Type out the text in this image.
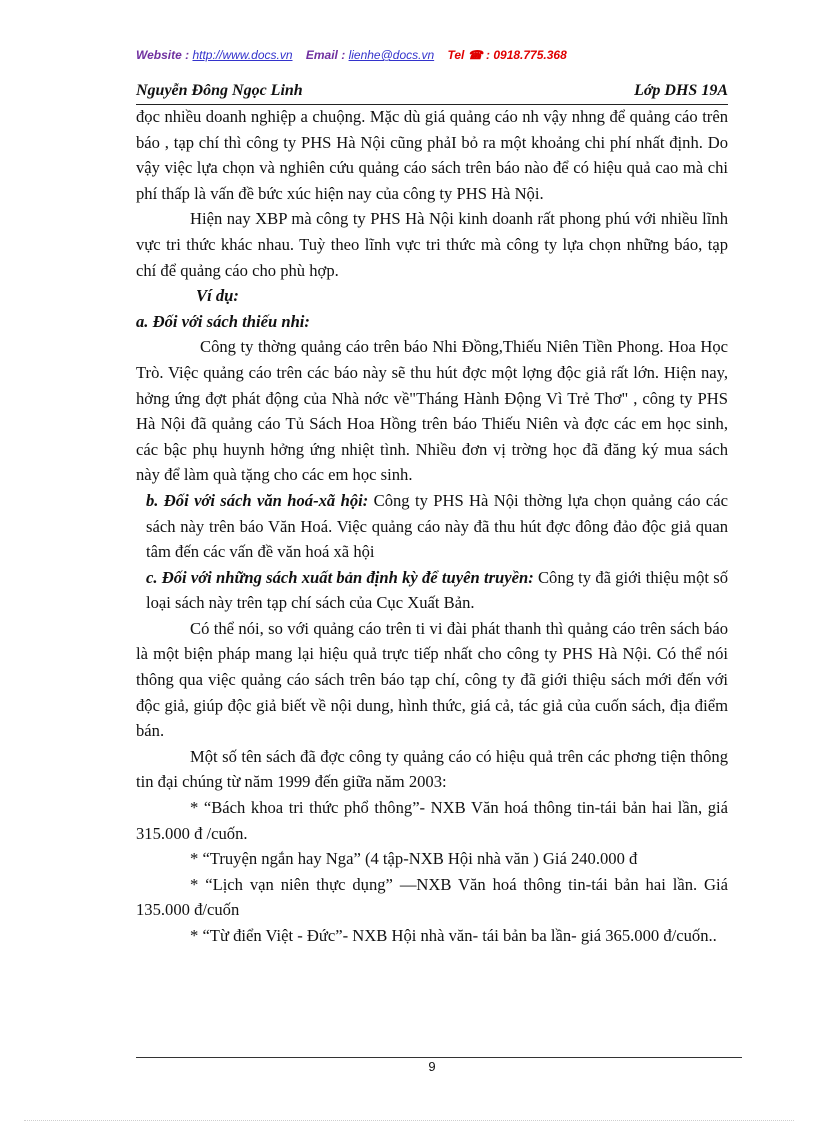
Website : http://www.docs.vn Email : lienhe@docs.vn Tel ☎ : 0918.775.368
Nguyễn Đông Ngọc Linh	Lớp DHS 19A

đọc nhiều doanh nghiệp a chuộng. Mặc dù giá quảng cáo nh vậy nhng để quảng cáo trên báo , tạp chí thì công ty PHS Hà Nội cũng phảI bỏ ra một khoảng chi phí nhất định. Do vậy việc lựa chọn và nghiên cứu quảng cáo sách trên báo nào để có hiệu quả cao mà chi phí thấp là vấn đề bức xúc hiện nay của công ty PHS Hà Nội.

Hiện nay XBP mà công ty PHS Hà Nội kinh doanh rất phong phú với nhiều lĩnh vực tri thức khác nhau. Tuỳ theo lĩnh vực tri thức mà công ty lựa chọn những báo, tạp chí để quảng cáo cho phù hợp.

Ví dụ:

a. Đối với sách thiếu nhi:

Công ty thờng quảng cáo trên báo Nhi Đồng,Thiếu Niên Tiền Phong. Hoa Học Trò. Việc quảng cáo trên các báo này sẽ thu hút đợc một lợng độc giả rất lớn. Hiện nay, hởng ứng đợt phát động của Nhà nớc về"Tháng Hành Động Vì Trẻ Thơ" , công ty PHS Hà Nội đã quảng cáo Tủ Sách Hoa Hồng trên báo Thiếu Niên và đợc các em học sinh, các bậc phụ huynh hởng ứng nhiệt tình. Nhiều đơn vị trờng học đã đăng ký mua sách này để làm quà tặng cho các em học sinh.

b. Đối với sách văn hoá-xã hội: Công ty PHS Hà Nội thờng lựa chọn quảng cáo các sách này trên báo Văn Hoá. Việc quảng cáo này đã thu hút đợc đông đảo độc giả quan tâm đến các vấn đề văn hoá xã hội

c. Đối với những sách xuất bản định kỳ để tuyên truyền: Công ty đã giới thiệu một số loại sách này trên tạp chí sách của Cục Xuất Bản.

Có thể nói, so với quảng cáo trên ti vi đài phát thanh thì quảng cáo trên sách báo là một biện pháp mang lại hiệu quả trực tiếp nhất cho công ty PHS Hà Nội. Có thể nói thông qua việc quảng cáo sách trên báo tạp chí, công ty đã giới thiệu sách mới đến với độc giả, giúp độc giả biết về nội dung, hình thức, giá cả, tác giả của cuốn sách, địa điểm bán.

Một số tên sách đã đợc công ty quảng cáo có hiệu quả trên các phơng tiện thông tin đại chúng từ năm 1999 đến giữa năm 2003:

* “Bách khoa tri thức phổ thông”- NXB Văn hoá thông tin-tái bản hai lần, giá 315.000 đ /cuốn.

* “Truyện ngắn hay Nga” (4 tập-NXB Hội nhà văn ) Giá 240.000 đ

* “Lịch vạn niên thực dụng” —NXB Văn hoá thông tin-tái bản hai lần. Giá 135.000 đ/cuốn

* “Từ điển Việt - Đức”- NXB Hội nhà văn- tái bản ba lần- giá 365.000 đ/cuốn..

9
